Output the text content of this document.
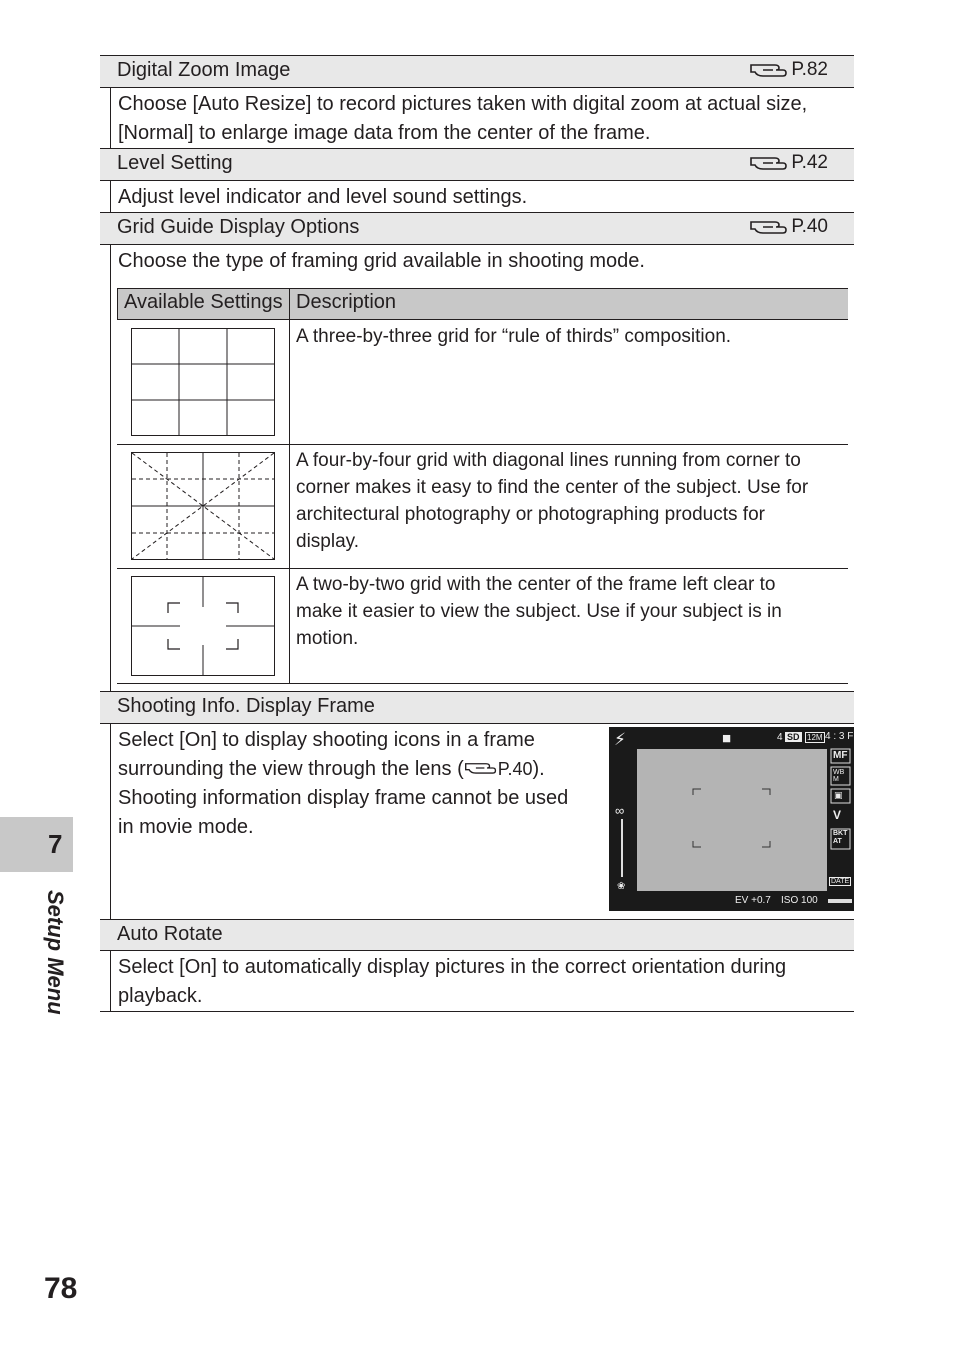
Digital Zoom Image	P.82
Choose [Auto Resize] to record pictures taken with digital zoom at actual size, [Normal] to enlarge image data from the center of the frame.
Level Setting	P.42
Adjust level indicator and level sound settings.
Grid Guide Display Options	P.40
Choose the type of framing grid available in shooting mode.
Available Settings Description
A three-by-three grid for “rule of thirds” composition.
A four-by-four grid with diagonal lines running from corner to corner makes it easy to find the center of the subject. Use for architectural photography or photographing products for display.
A two-by-two grid with the center of the frame left clear to make it easier to view the subject. Use if your subject is in motion.
Shooting Info. Display Frame
Select [On] to display shooting icons in a frame surrounding the view through the lens ( P.40). Shooting information display frame cannot be used in movie mode.
⚡	■	4 SD 12M 4 : 3 F
∞
❀
MF
WB M
▣
V
BKT AT
DATE
EV +0.7 ISO 100
Auto Rotate
Select [On] to automatically display pictures in the correct orientation during playback.
7
Setup Menu
78
